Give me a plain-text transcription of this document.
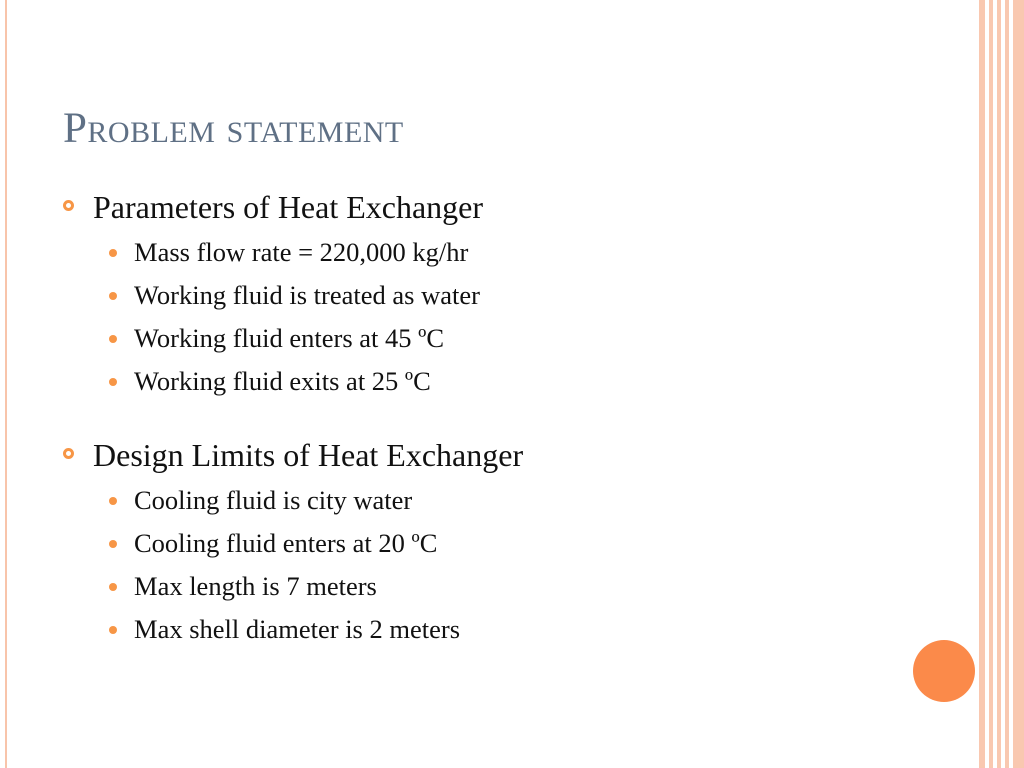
Problem statement
Parameters of Heat Exchanger
Mass flow rate = 220,000 kg/hr
Working fluid is treated as water
Working fluid enters at 45 ºC
Working fluid exits at 25 ºC
Design Limits of Heat Exchanger
Cooling fluid is city water
Cooling fluid enters at 20 ºC
Max length is 7 meters
Max shell diameter is 2 meters
